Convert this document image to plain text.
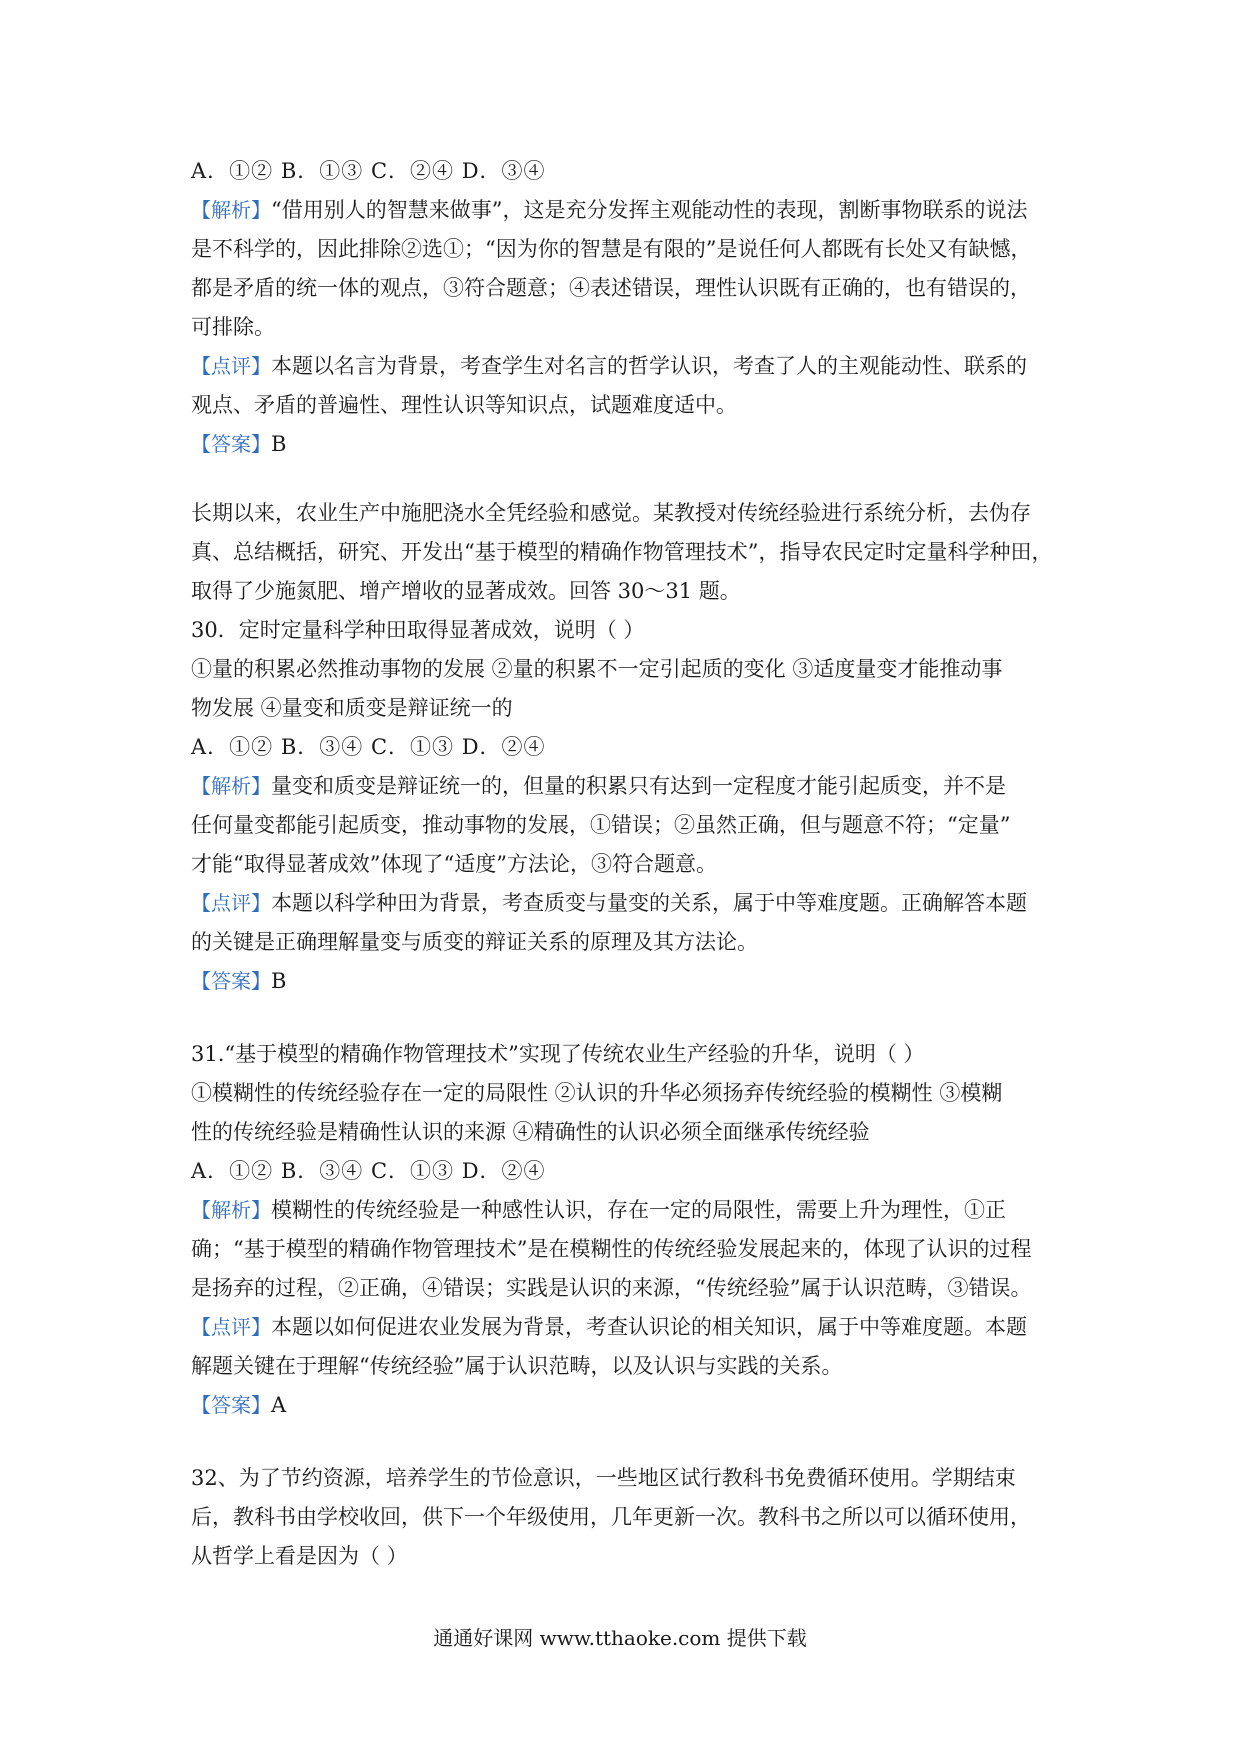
A．①② B．①③ C．②④ D．③④
【解析】“借用别人的智慧来做事”，这是充分发挥主观能动性的表现，割断事物联系的说法
是不科学的，因此排除②选①；“因为你的智慧是有限的”是说任何人都既有长处又有缺憾，
都是矛盾的统一体的观点，③符合题意；④表述错误，理性认识既有正确的，也有错误的，
可排除。
【点评】本题以名言为背景，考查学生对名言的哲学认识，考查了人的主观能动性、联系的
观点、矛盾的普遍性、理性认识等知识点，试题难度适中。
【答案】B
长期以来，农业生产中施肥浇水全凭经验和感觉。某教授对传统经验进行系统分析，去伪存
真、总结概括，研究、开发出“基于模型的精确作物管理技术”，指导农民定时定量科学种田，
取得了少施氮肥、增产增收的显著成效。回答 30～31 题。
30．定时定量科学种田取得显著成效，说明（ ）
①量的积累必然推动事物的发展 ②量的积累不一定引起质的变化 ③适度量变才能推动事
物发展 ④量变和质变是辩证统一的
A．①② B．③④ C．①③ D．②④
【解析】量变和质变是辩证统一的，但量的积累只有达到一定程度才能引起质变，并不是
任何量变都能引起质变，推动事物的发展，①错误；②虽然正确，但与题意不符；“定量”
才能“取得显著成效”体现了“适度”方法论，③符合题意。
【点评】本题以科学种田为背景，考查质变与量变的关系，属于中等难度题。正确解答本题
的关键是正确理解量变与质变的辩证关系的原理及其方法论。
【答案】B
31.“基于模型的精确作物管理技术”实现了传统农业生产经验的升华，说明（ ）
①模糊性的传统经验存在一定的局限性 ②认识的升华必须扬弃传统经验的模糊性 ③模糊
性的传统经验是精确性认识的来源 ④精确性的认识必须全面继承传统经验
A．①② B．③④ C．①③ D．②④
【解析】模糊性的传统经验是一种感性认识，存在一定的局限性，需要上升为理性，①正
确；“基于模型的精确作物管理技术”是在模糊性的传统经验发展起来的，体现了认识的过程
是扬弃的过程，②正确，④错误；实践是认识的来源，“传统经验”属于认识范畴，③错误。
【点评】本题以如何促进农业发展为背景，考查认识论的相关知识，属于中等难度题。本题
解题关键在于理解“传统经验”属于认识范畴，以及认识与实践的关系。
【答案】A
32、为了节约资源，培养学生的节俭意识，一些地区试行教科书免费循环使用。学期结束
后，教科书由学校收回，供下一个年级使用，几年更新一次。教科书之所以可以循环使用，
从哲学上看是因为（ ）
通通好课网 www.tthaoke.com 提供下载
